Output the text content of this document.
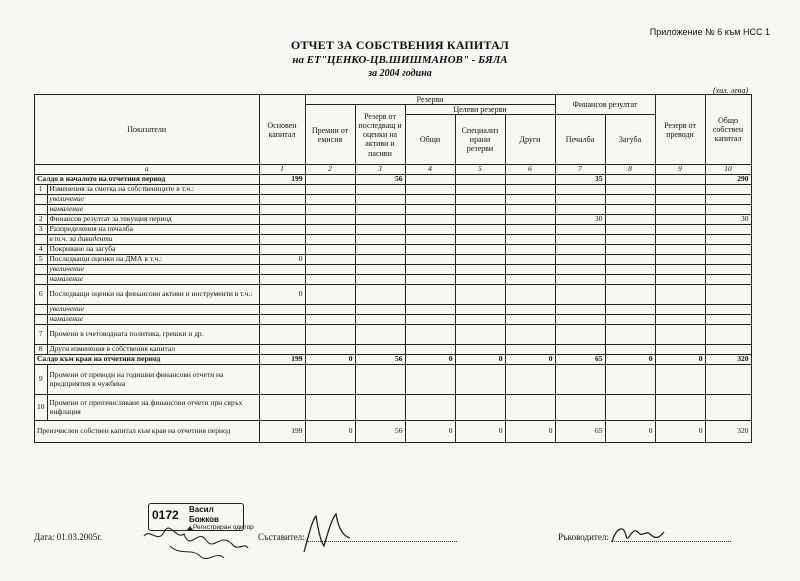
Приложение № 6 към НСС 1
ОТЧЕТ ЗА СОБСТВЕНИЯ КАПИТАЛ
на ЕТ"ЦЕНКО-ЦВ.ШИШМАНОВ" - БЯЛА
за 2004 година
(хил. лева)
Показатели		Основен капитал	Резерви					Финансов резултат		Резерв от преводи	Общо собствен капитал
			Премии от емисия	Резерв от последващ и оценки на активи и пасиви	Целеви резерви						
					Общи	Специализ ирани резерви	Други	Печалба	Загуба		
а		1	2	3	4	5	6	7	8	9	10
Салдо в началото на отчетния период		199		56				35			290
1	Изменения за сметка на собствениците в т.ч.:										
	увеличение										
	намаление										
2	Финансов резултат за текущия период							30			30
3	Разпределения на печалба										
	в т.ч. за дивиденти										
4	Покриване на загуба										
5	Последващи оценки на ДМА в т.ч.:	0									
	увеличение										
	намаление										
6	Последващи оценки на финансови активи и инструменти в т.ч.:	0									
	увеличение										
	намаление										
7	Промени в счетоводната политика, грешки и др.										
8	Други изменения в собствения капитал										
Салдо към края на отчетния период		199	0	56	0	0	0	65	0	0	320
9	Промени от преводи на годишни финансови отчети на предприятия в чужбина										
10	Промени от преизчисляване на финансови отчети при свръх инфлация										
Преизчислен собствен капитал към края на отчетния период		199	0	56	0	0	0	65	0	0	320
Дата: 01.03.2005г.
0172 Васил
Божков
Регистриран одитор
Съставител:	Ръководител:
